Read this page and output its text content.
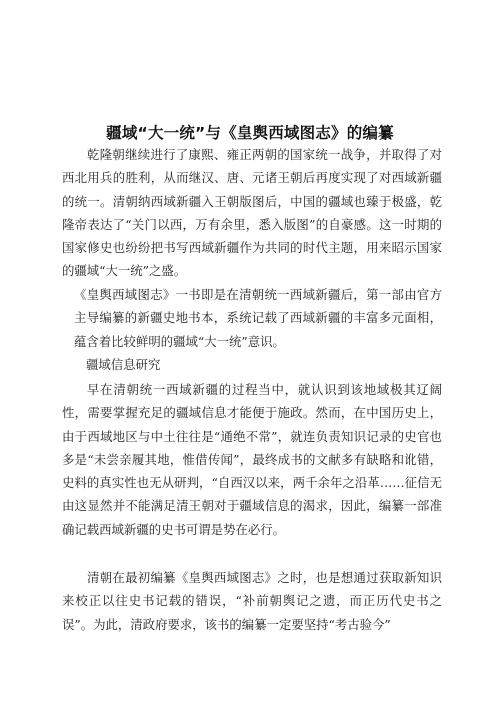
疆域“大一统”与《皇舆西域图志》的编纂
乾隆朝继续进行了康熙、雍正两朝的国家统一战争，并取得了对西北用兵的胜利，从而继汉、唐、元诸王朝后再度实现了对西域新疆的统一。清朝纳西域新疆入王朝版图后，中国的疆域也臻于极盛，乾隆帝表达了“关门以西，万有余里，悉入版图”的自豪感。这一时期的国家修史也纷纷把书写西域新疆作为共同的时代主题，用来昭示国家的疆域“大一统”之盛。
《皇舆西域图志》一书即是在清朝统一西域新疆后，第一部由官方主导编纂的新疆史地书本，系统记载了西域新疆的丰富多元面相，蕴含着比较鲜明的疆域“大一统”意识。
疆域信息研究
早在清朝统一西域新疆的过程当中，就认识到该地域极其辽阔性，需要掌握充足的疆域信息才能便于施政。然而，在中国历史上，由于西域地区与中土往往是“通绝不常”，就连负责知识记录的史官也多是“未尝亲履其地，惟借传闻”，最终成书的文献多有缺略和讹错，史料的真实性也无从研判，“自西汉以来，两千余年之沿革……征信无由这显然并不能满足清王朝对于疆域信息的渴求，因此，编纂一部准确记载西域新疆的史书可谓是势在必行。
清朝在最初编纂《皇舆西域图志》之时，也是想通过获取新知识来校正以往史书记载的错误，“补前朝舆记之遗，而正历代史书之误”。为此，清政府要求，该书的编纂一定要坚持“考古验今”
